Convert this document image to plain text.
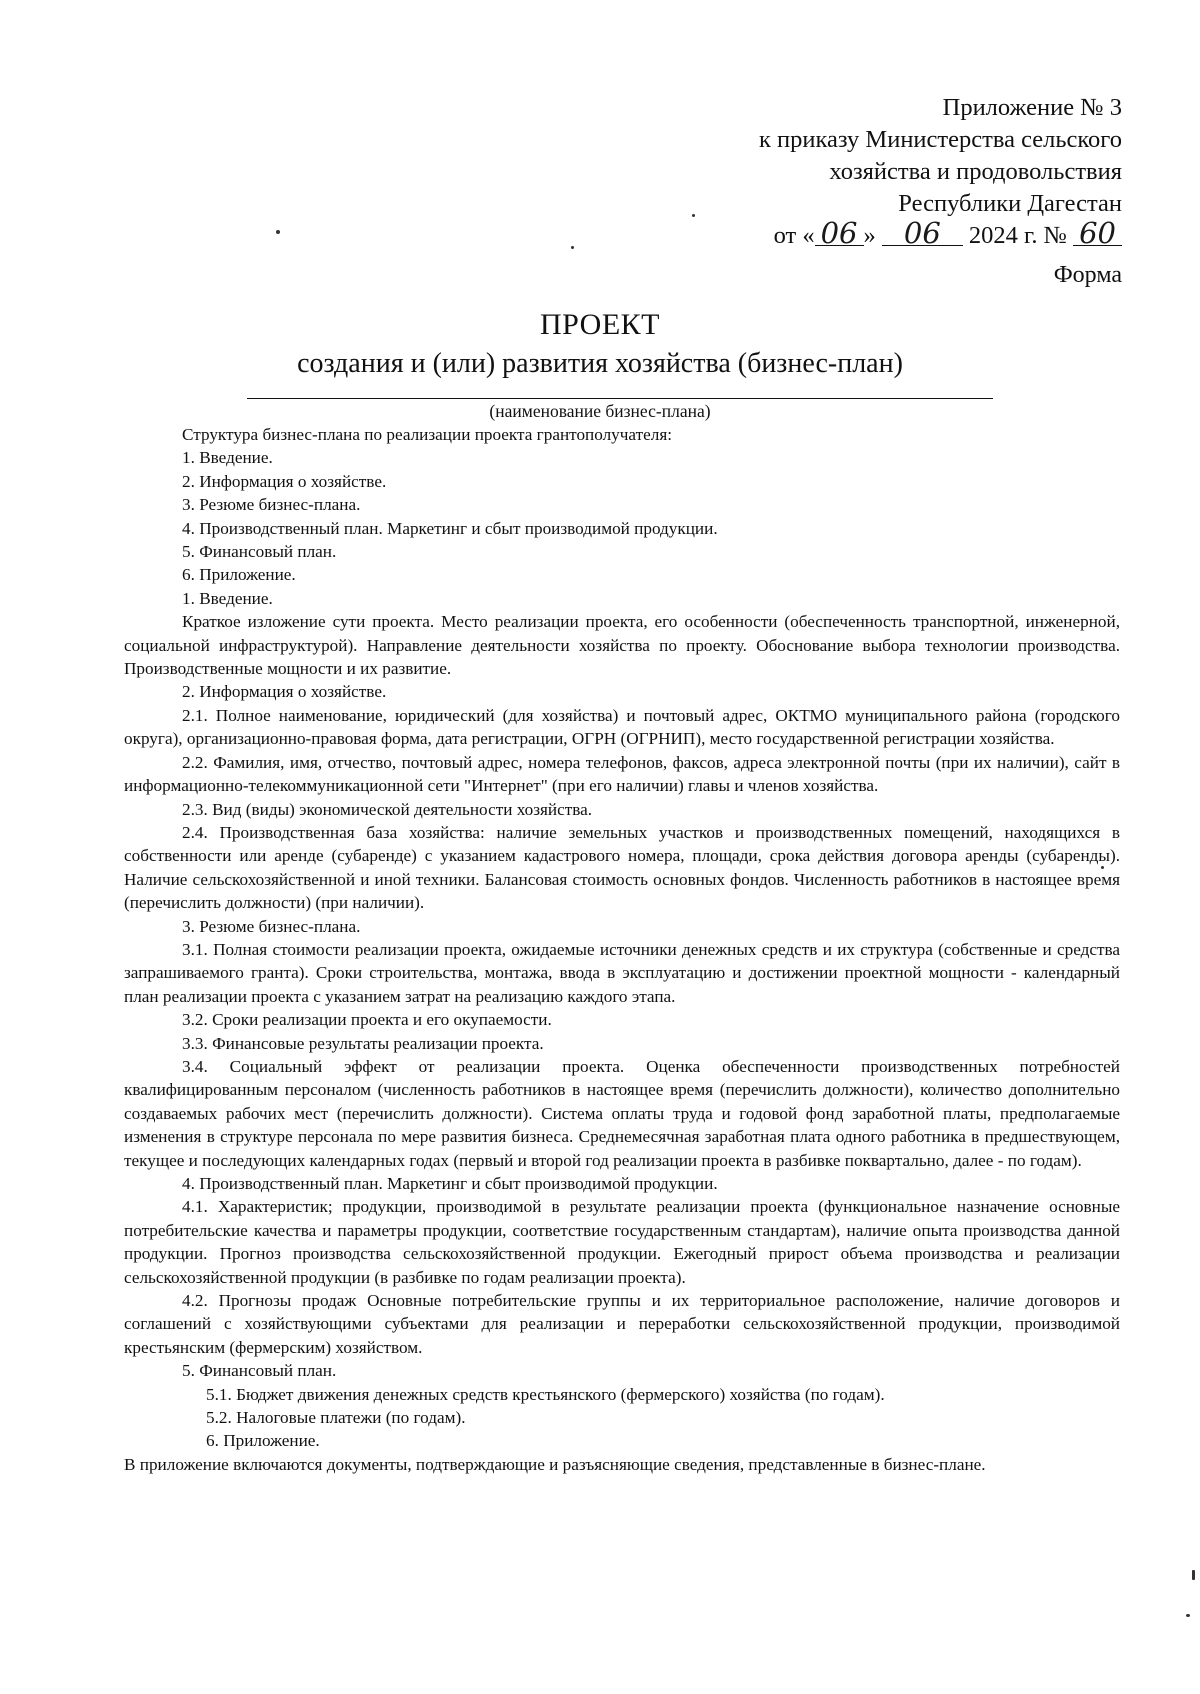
Приложение № 3
к приказу Министерства сельского
хозяйства и продовольствия
Республики Дагестан
от « 06 » 06 2024 г. № 60
Форма
ПРОЕКТ
создания и (или) развития хозяйства (бизнес-план)
(наименование бизнес-плана)

Структура бизнес-плана по реализации проекта грантополучателя:

1. Введение.

2. Информация о хозяйстве.

3. Резюме бизнес-плана.

4. Производственный план. Маркетинг и сбыт производимой продукции.

5. Финансовый план.

6. Приложение.

1. Введение.

Краткое изложение сути проекта. Место реализации проекта, его особенности (обеспеченность транспортной, инженерной, социальной инфраструктурой). Направление деятельности хозяйства по проекту. Обоснование выбора технологии производства. Производственные мощности и их развитие.

2. Информация о хозяйстве.

2.1. Полное наименование, юридический (для хозяйства) и почтовый адрес, ОКТМО муниципального района (городского округа), организационно-правовая форма, дата регистрации, ОГРН (ОГРНИП), место государственной регистрации хозяйства.

2.2. Фамилия, имя, отчество, почтовый адрес, номера телефонов, факсов, адреса электронной почты (при их наличии), сайт в информационно-телекоммуникационной сети "Интернет" (при его наличии) главы и членов хозяйства.

2.3. Вид (виды) экономической деятельности хозяйства.

2.4. Производственная база хозяйства: наличие земельных участков и производственных помещений, находящихся в собственности или аренде (субаренде) с указанием кадастрового номера, площади, срока действия договора аренды (субаренды). Наличие сельскохозяйственной и иной техники. Балансовая стоимость основных фондов. Численность работников в настоящее время (перечислить должности) (при наличии).

3. Резюме бизнес-плана.

3.1. Полная стоимости реализации проекта, ожидаемые источники денежных средств и их структура (собственные и средства запрашиваемого гранта). Сроки строительства, монтажа, ввода в эксплуатацию и достижении проектной мощности - календарный план реализации проекта с указанием затрат на реализацию каждого этапа.

3.2. Сроки реализации проекта и его окупаемости.

3.3. Финансовые результаты реализации проекта.

3.4. Социальный эффект от реализации проекта. Оценка обеспеченности производственных потребностей квалифицированным персоналом (численность работников в настоящее время (перечислить должности), количество дополнительно создаваемых рабочих мест (перечислить должности). Система оплаты труда и годовой фонд заработной платы, предполагаемые изменения в структуре персонала по мере развития бизнеса. Среднемесячная заработная плата одного работника в предшествующем, текущее и последующих календарных годах (первый и второй год реализации проекта в разбивке поквартально, далее - по годам).

4. Производственный план. Маркетинг и сбыт производимой продукции.

4.1. Характеристик; продукции, производимой в результате реализации проекта (функциональное назначение основные потребительские качества и параметры продукции, соответствие государственным стандартам), наличие опыта производства данной продукции. Прогноз производства сельскохозяйственной продукции. Ежегодный прирост объема производства и реализации сельскохозяйственной продукции (в разбивке по годам реализации проекта).

4.2. Прогнозы продаж Основные потребительские группы и их территориальное расположение, наличие договоров и соглашений с хозяйствующими субъектами для реализации и переработки сельскохозяйственной продукции, производимой крестьянским (фермерским) хозяйством.

5. Финансовый план.

5.1. Бюджет движения денежных средств крестьянского (фермерского) хозяйства (по годам).

5.2. Налоговые платежи (по годам).

6. Приложение.

В приложение включаются документы, подтверждающие и разъясняющие сведения, представленные в бизнес-плане.
